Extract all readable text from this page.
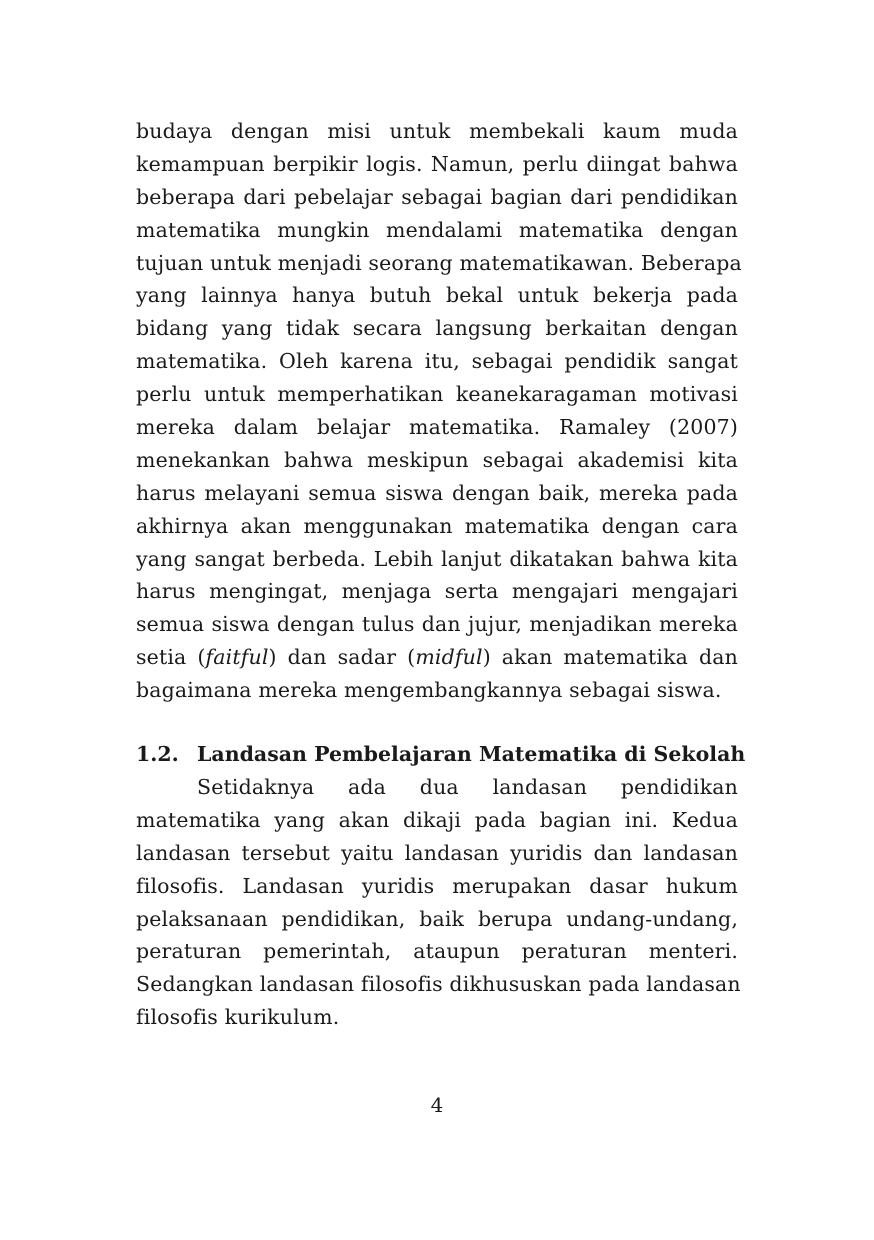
budaya dengan misi untuk membekali kaum muda
kemampuan berpikir logis. Namun, perlu diingat bahwa
beberapa dari pebelajar sebagai bagian dari pendidikan
matematika mungkin mendalami matematika dengan
tujuan untuk menjadi seorang matematikawan. Beberapa
yang lainnya hanya butuh bekal untuk bekerja pada
bidang yang tidak secara langsung berkaitan dengan
matematika. Oleh karena itu, sebagai pendidik sangat
perlu untuk memperhatikan keanekaragaman motivasi
mereka dalam belajar matematika. Ramaley (2007)
menekankan bahwa meskipun sebagai akademisi kita
harus melayani semua siswa dengan baik, mereka pada
akhirnya akan menggunakan matematika dengan cara
yang sangat berbeda. Lebih lanjut dikatakan bahwa kita
harus mengingat, menjaga serta mengajari mengajari
semua siswa dengan tulus dan jujur, menjadikan mereka
setia (faitful) dan sadar (midful) akan matematika dan
bagaimana mereka mengembangkannya sebagai siswa.
1.2. Landasan Pembelajaran Matematika di Sekolah
Setidaknya ada dua landasan pendidikan
matematika yang akan dikaji pada bagian ini. Kedua
landasan tersebut yaitu landasan yuridis dan landasan
filosofis. Landasan yuridis merupakan dasar hukum
pelaksanaan pendidikan, baik berupa undang-undang,
peraturan pemerintah, ataupun peraturan menteri.
Sedangkan landasan filosofis dikhususkan pada landasan
filosofis kurikulum.
4
